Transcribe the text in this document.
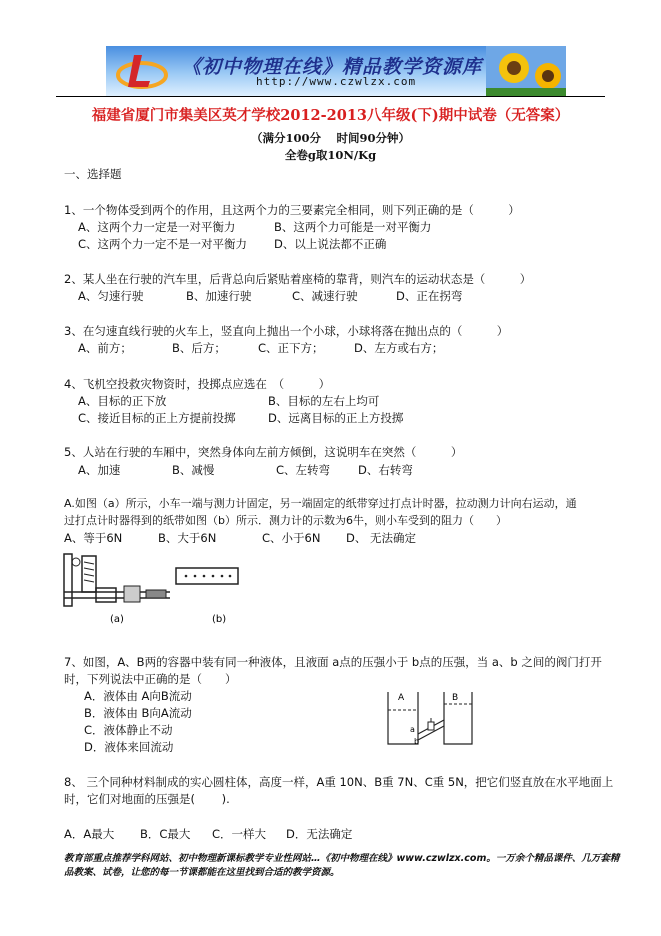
《初中物理在线》精品教学资源库
http://www.czwlzx.com
福建省厦门市集美区英才学校2012-2013八年级(下)期中试卷（无答案）
（满分100分　 时间90分钟）
全卷g取10N/Kg
一、选择题
1、一个物体受到两个的作用，且这两个力的三要素完全相同，则下列正确的是（　　　）
A、这两个力一定是一对平衡力	B、这两个力可能是一对平衡力
C、这两个力一定不是一对平衡力 D、以上说法都不正确
2、某人坐在行驶的汽车里，后背总向后紧贴着座椅的靠背，则汽车的运动状态是（　　　）
A、匀速行驶	B、加速行驶	C、减速行驶	D、正在拐弯
3、在匀速直线行驶的火车上，竖直向上抛出一个小球，小球将落在抛出点的（　　　）
A、前方；	B、后方；	C、正下方；	D、左方或右方；
4、飞机空投救灾物资时，投掷点应选在　（　　　）
A、目标的正下放	B、目标的左右上均可
C、接近目标的正上方提前投掷	D、远离目标的正上方投掷
5、人站在行驶的车厢中，突然身体向左前方倾倒，这说明车在突然（　　　）
A、加速	B、减慢	C、左转弯 D、右转弯
A.如图（a）所示，小车一端与测力计固定，另一端固定的纸带穿过打点计时器，拉动测力计向右运动，通
过打点计时器得到的纸带如图（b）所示．测力计的示数为6牛，则小车受到的阻力（　　）
A、等于6N	B、大于6N	C、小于6N D、 无法确定
(a)	(b)
7、如图，A、B两的容器中装有同一种液体，且液面 a点的压强小于 b点的压强，当 a、b 之间的阀门打开
时，下列说法中正确的是（　　）
A．液体由 A向B流动
B．液体由 B向A流动
C．液体静止不动
D．液体来回流动
A	B
a
b
8、 三个同种材料制成的实心圆柱体，高度一样，A重 10N、B重 7N、C重 5N，把它们竖直放在水平地面上
时，它们对地面的压强是(　　 ).
A．A最大 B．C最大 C．一样大 D．无法确定
教育部重点推荐学科网站、初中物理新课标教学专业性网站…《初中物理在线》www.czwlzx.com。一万余个精品课件、几万套精品教案、试卷，让您的每一节课都能在这里找到合适的教学资源。
